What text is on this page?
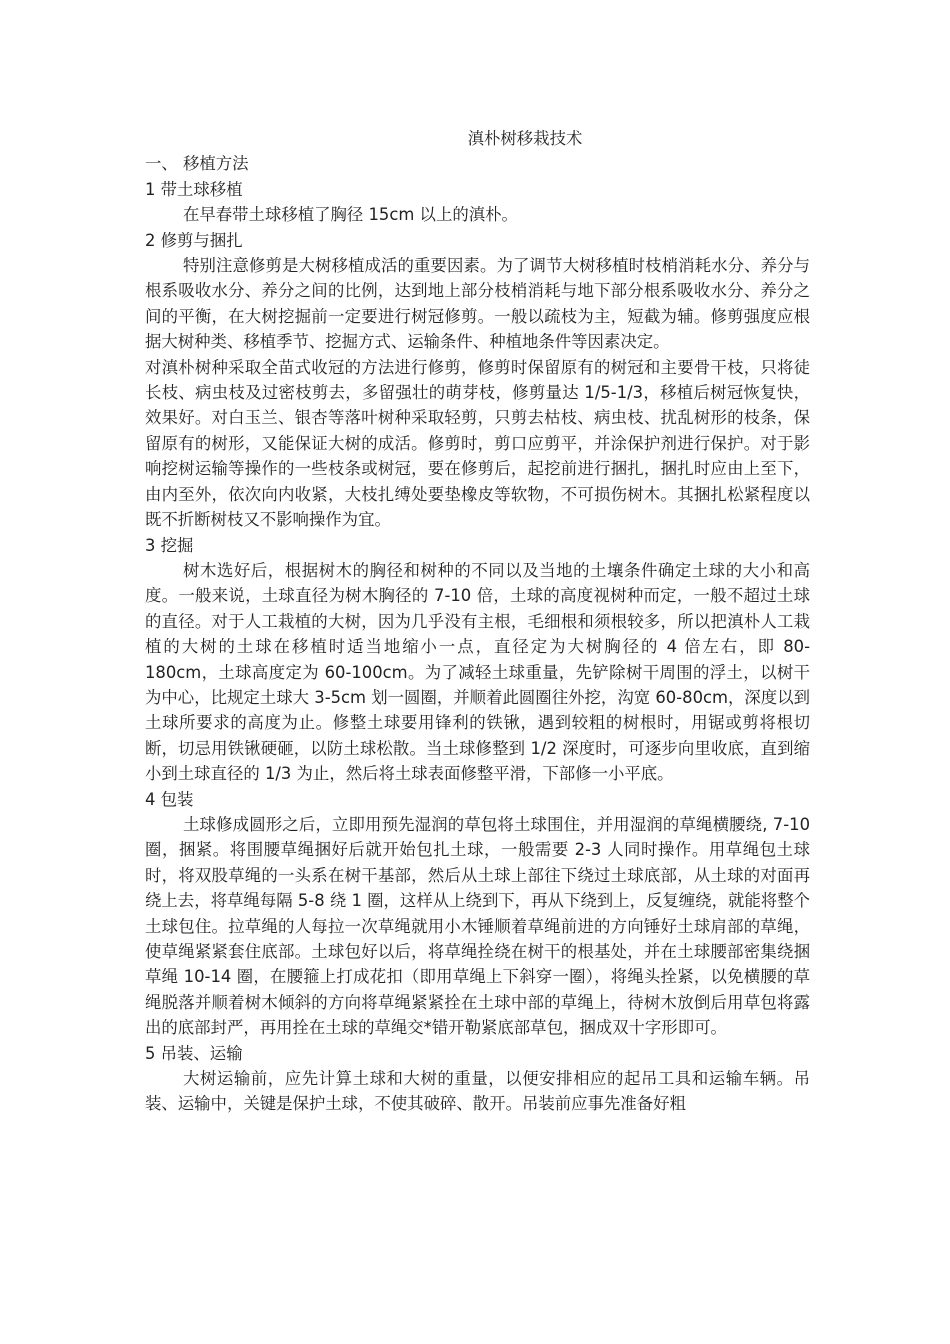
滇朴树移栽技术

一、 移植方法

1 带土球移植

在早春带土球移植了胸径 15cm 以上的滇朴。

2 修剪与捆扎

特别注意修剪是大树移植成活的重要因素。为了调节大树移植时枝梢消耗水分、养分与根系吸收水分、养分之间的比例，达到地上部分枝梢消耗与地下部分根系吸收水分、养分之间的平衡，在大树挖掘前一定要进行树冠修剪。一般以疏枝为主，短截为辅。修剪强度应根据大树种类、移植季节、挖掘方式、运输条件、种植地条件等因素决定。

对滇朴树种采取全苗式收冠的方法进行修剪，修剪时保留原有的树冠和主要骨干枝，只将徒长枝、病虫枝及过密枝剪去，多留强壮的萌芽枝，修剪量达 1/5-1/3，移植后树冠恢复快，效果好。对白玉兰、银杏等落叶树种采取轻剪，只剪去枯枝、病虫枝、扰乱树形的枝条，保留原有的树形，又能保证大树的成活。修剪时，剪口应剪平，并涂保护剂进行保护。对于影响挖树运输等操作的一些枝条或树冠，要在修剪后，起挖前进行捆扎，捆扎时应由上至下，由内至外，依次向内收紧，大枝扎缚处要垫橡皮等软物，不可损伤树木。其捆扎松紧程度以既不折断树枝又不影响操作为宜。

3 挖掘

树木选好后，根据树木的胸径和树种的不同以及当地的土壤条件确定土球的大小和高度。一般来说，土球直径为树木胸径的 7-10 倍，土球的高度视树种而定，一般不超过土球的直径。对于人工栽植的大树，因为几乎没有主根，毛细根和须根较多，所以把滇朴人工栽植的大树的土球在移植时适当地缩小一点，直径定为大树胸径的 4 倍左右，即 80-180cm，土球高度定为 60-100cm。为了减轻土球重量，先铲除树干周围的浮土，以树干为中心，比规定土球大 3-5cm 划一圆圈，并顺着此圆圈往外挖，沟宽 60-80cm，深度以到土球所要求的高度为止。修整土球要用锋利的铁锹，遇到较粗的树根时，用锯或剪将根切断，切忌用铁锹硬砸，以防土球松散。当土球修整到 1/2 深度时，可逐步向里收底，直到缩小到土球直径的 1/3 为止，然后将土球表面修整平滑，下部修一小平底。

4 包装

土球修成圆形之后，立即用预先湿润的草包将土球围住，并用湿润的草绳横腰绕, 7-10 圈，捆紧。将围腰草绳捆好后就开始包扎土球，一般需要 2-3 人同时操作。用草绳包土球时，将双股草绳的一头系在树干基部，然后从土球上部往下绕过土球底部，从土球的对面再绕上去，将草绳每隔 5-8 绕 1 圈，这样从上绕到下，再从下绕到上，反复缠绕，就能将整个土球包住。拉草绳的人每拉一次草绳就用小木锤顺着草绳前进的方向锤好土球肩部的草绳，使草绳紧紧套住底部。土球包好以后，将草绳拴绕在树干的根基处，并在土球腰部密集绕捆草绳 10-14 圈，在腰箍上打成花扣（即用草绳上下斜穿一圈），将绳头拴紧，以免横腰的草绳脱落并顺着树木倾斜的方向将草绳紧紧拴在土球中部的草绳上，待树木放倒后用草包将露出的底部封严，再用拴在土球的草绳交*错开勒紧底部草包，捆成双十字形即可。

5 吊装、运输

大树运输前，应先计算土球和大树的重量，以便安排相应的起吊工具和运输车辆。吊装、运输中，关键是保护土球，不使其破碎、散开。吊装前应事先准备好粗
